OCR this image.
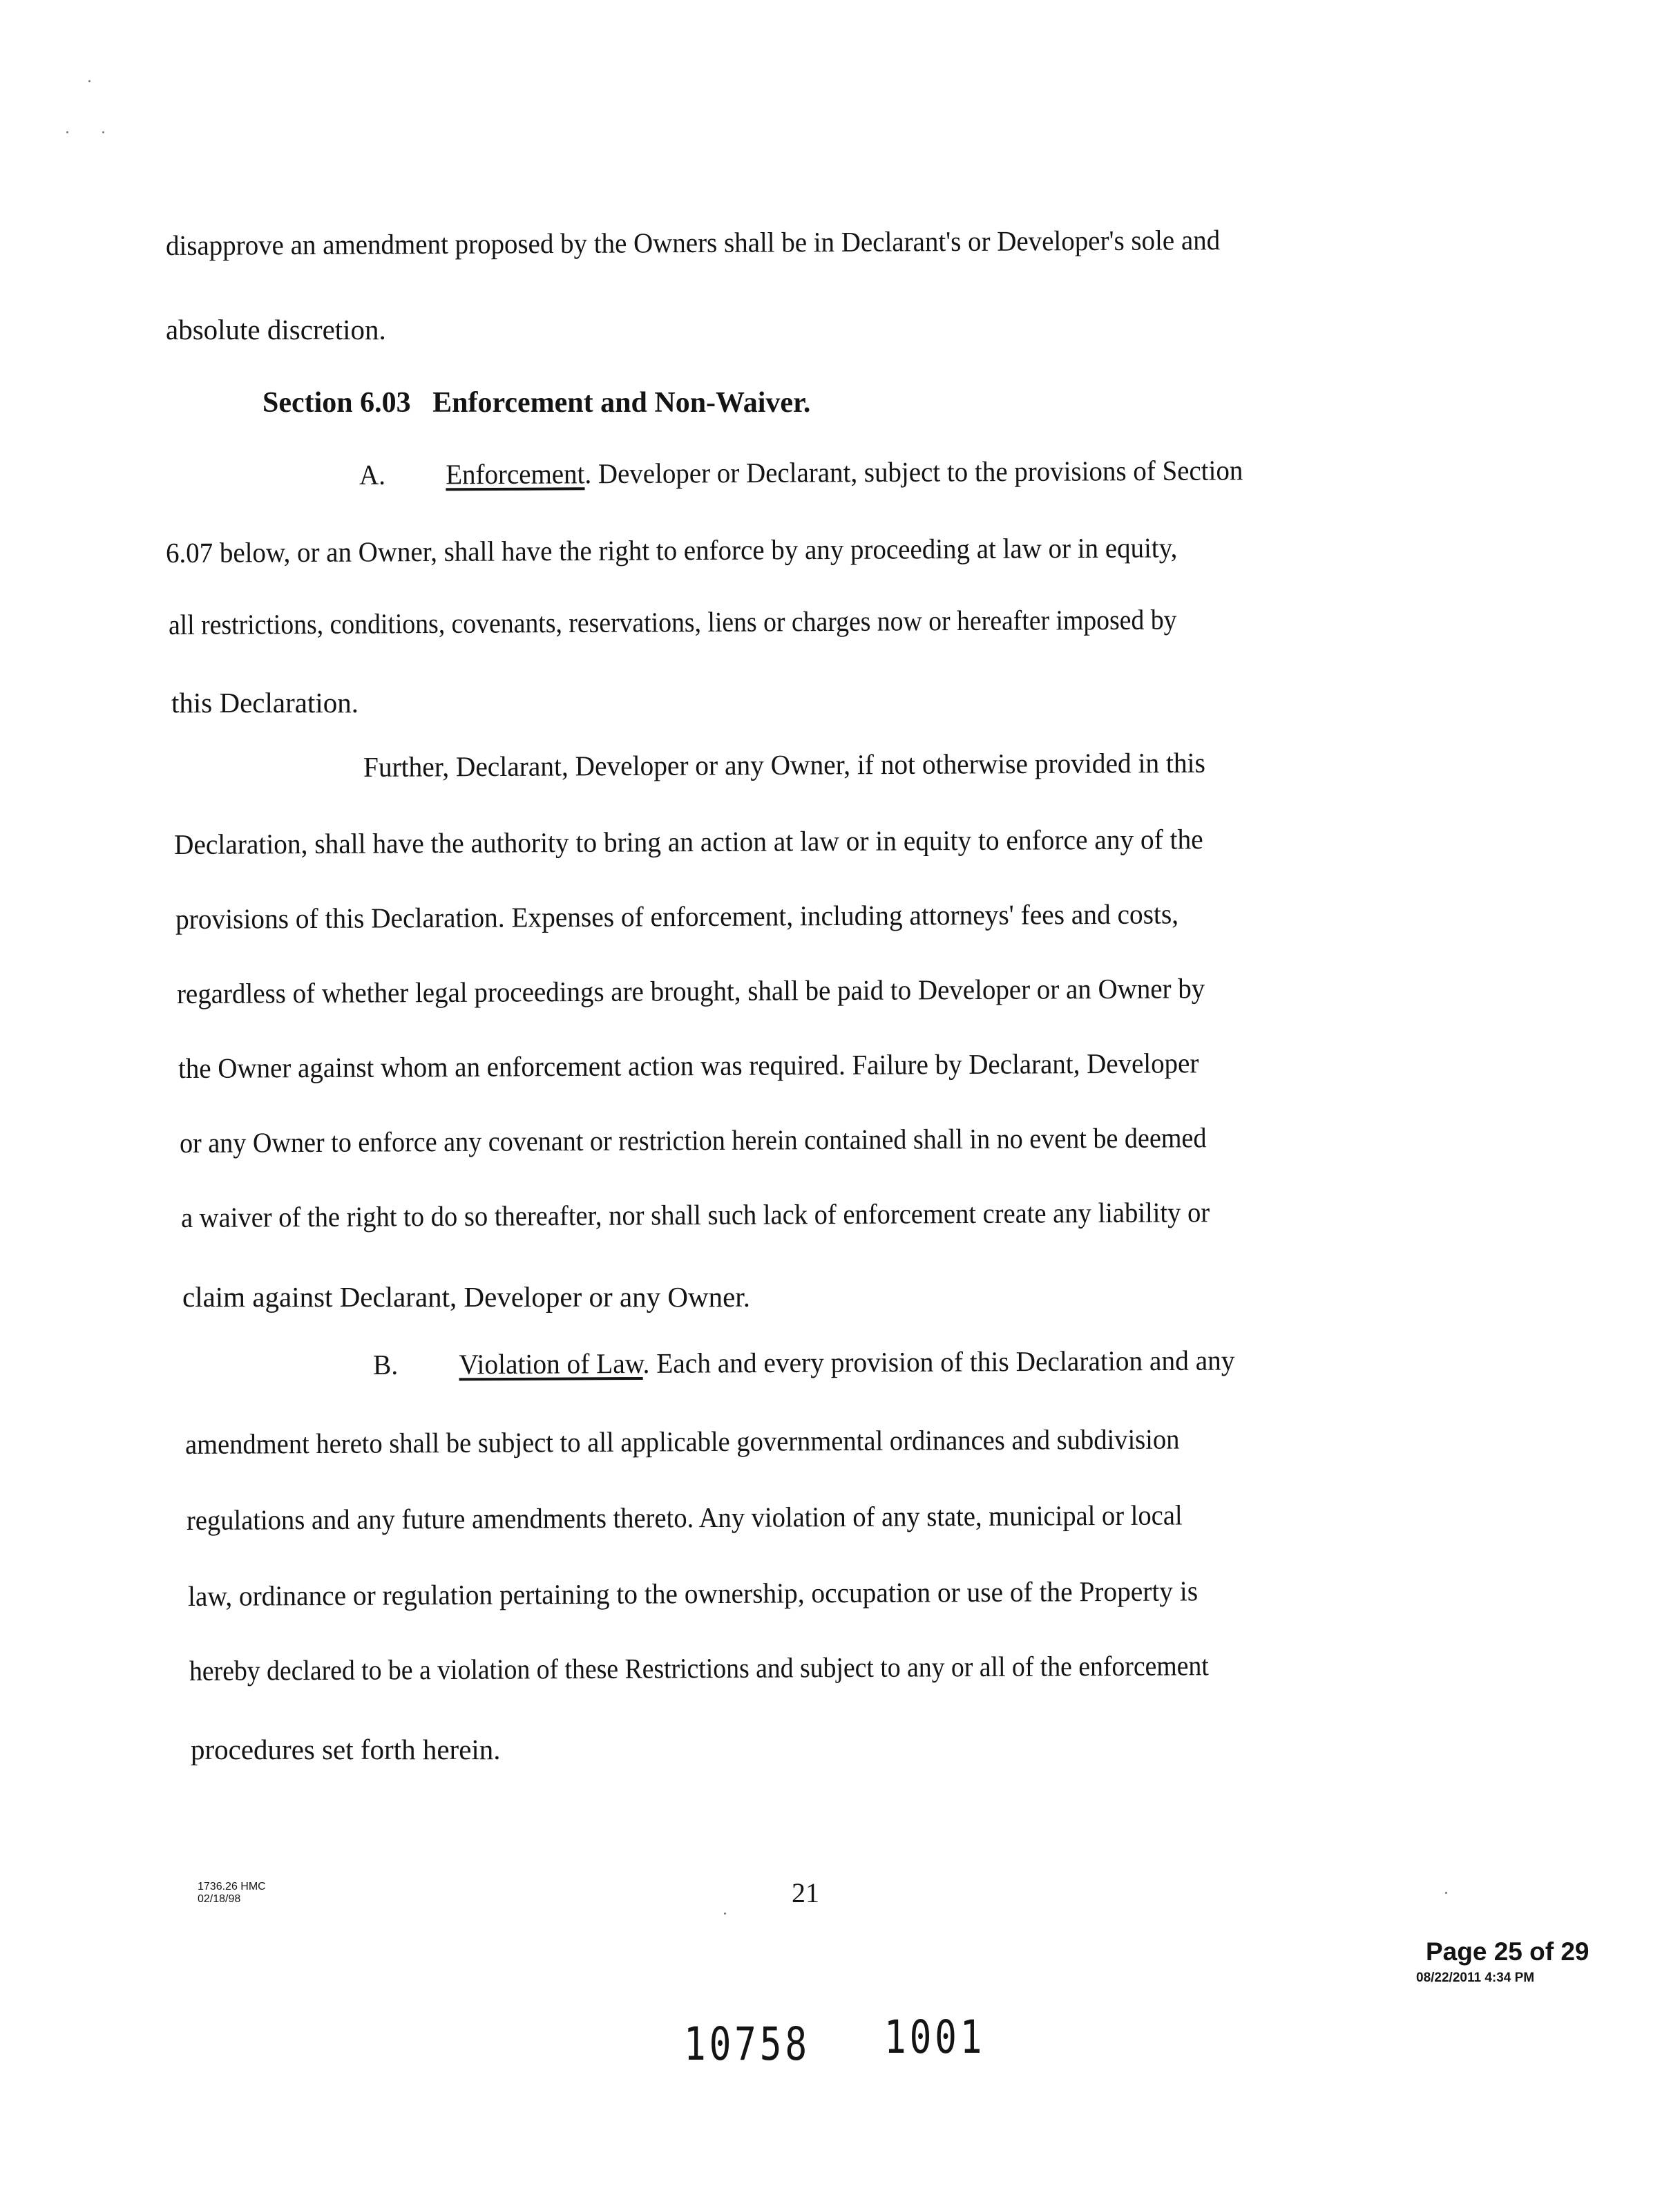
disapprove an amendment proposed by the Owners shall be in Declarant's or Developer's sole and
absolute discretion.
Section 6.03   Enforcement and Non-Waiver.
A. Enforcement. Developer or Declarant, subject to the provisions of Section
6.07 below, or an Owner, shall have the right to enforce by any proceeding at law or in equity,
all restrictions, conditions, covenants, reservations, liens or charges now or hereafter imposed by
this Declaration.
Further, Declarant, Developer or any Owner, if not otherwise provided in this
Declaration, shall have the authority to bring an action at law or in equity to enforce any of the
provisions of this Declaration. Expenses of enforcement, including attorneys' fees and costs,
regardless of whether legal proceedings are brought, shall be paid to Developer or an Owner by
the Owner against whom an enforcement action was required. Failure by Declarant, Developer
or any Owner to enforce any covenant or restriction herein contained shall in no event be deemed
a waiver of the right to do so thereafter, nor shall such lack of enforcement create any liability or
claim against Declarant, Developer or any Owner.
B. Violation of Law. Each and every provision of this Declaration and any
amendment hereto shall be subject to all applicable governmental ordinances and subdivision
regulations and any future amendments thereto. Any violation of any state, municipal or local
law, ordinance or regulation pertaining to the ownership, occupation or use of the Property is
hereby declared to be a violation of these Restrictions and subject to any or all of the enforcement
procedures set forth herein.
1736.26 HMC
02/18/98	21
Page 25 of 29
08/22/2011 4:34 PM
10758 1001
